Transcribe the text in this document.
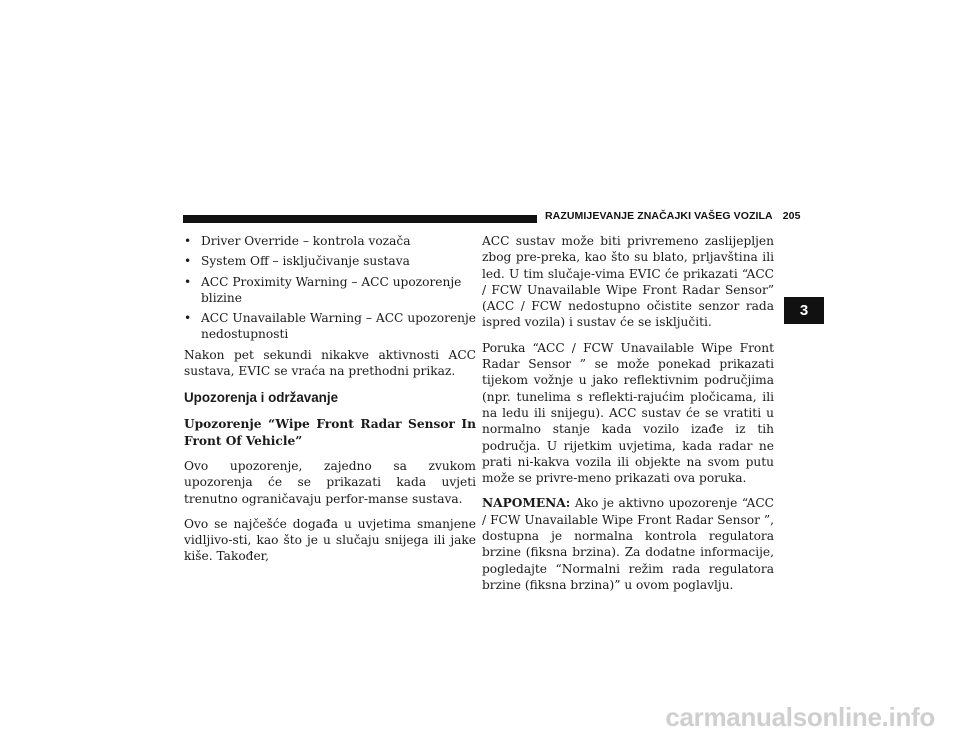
RAZUMIJEVANJE ZNAČAJKI VAŠEG VOZILA 205
• Driver Override – kontrola vozača
• System Off – isključivanje sustava
• ACC Proximity Warning – ACC upozorenje blizine
• ACC Unavailable Warning – ACC upozorenje nedostupnosti

Nakon pet sekundi nikakve aktivnosti ACC sustava, EVIC se vraća na prethodni prikaz.

Upozorenja i održavanje
Upozorenje “Wipe Front Radar Sensor In Front Of Vehicle”

Ovo upozorenje, zajedno sa zvukom upozorenja će se prikazati kada uvjeti trenutno ograničavaju perfor-manse sustava.

Ovo se najčešće događa u uvjetima smanjene vidljivo-sti, kao što je u slučaju snijega ili jake kiše. Također,

ACC sustav može biti privremeno zaslijepljen zbog pre-preka, kao što su blato, prljavština ili led. U tim slučaje-vima EVIC će prikazati “ACC / FCW Unavailable Wipe Front Radar Sensor” (ACC / FCW nedostupno očistite senzor rada ispred vozila) i sustav će se isključiti.

Poruka “ACC / FCW Unavailable Wipe Front Radar Sensor ” se može ponekad prikazati tijekom vožnje u jako reflektivnim područjima (npr. tunelima s reflekti-rajućim pločicama, ili na ledu ili snijegu). ACC sustav će se vratiti u normalno stanje kada vozilo izađe iz tih područja. U rijetkim uvjetima, kada radar ne prati ni-kakva vozila ili objekte na svom putu može se privre-meno prikazati ova poruka.

NAPOMENA: Ako je aktivno upozorenje “ACC / FCW Unavailable Wipe Front Radar Sensor ”, dostupna je normalna kontrola regulatora brzine (fiksna brzina). Za dodatne informacije, pogledajte “Normalni režim rada regulatora brzine (fiksna brzina)” u ovom poglavlju.

3
carmanualsonline.info
